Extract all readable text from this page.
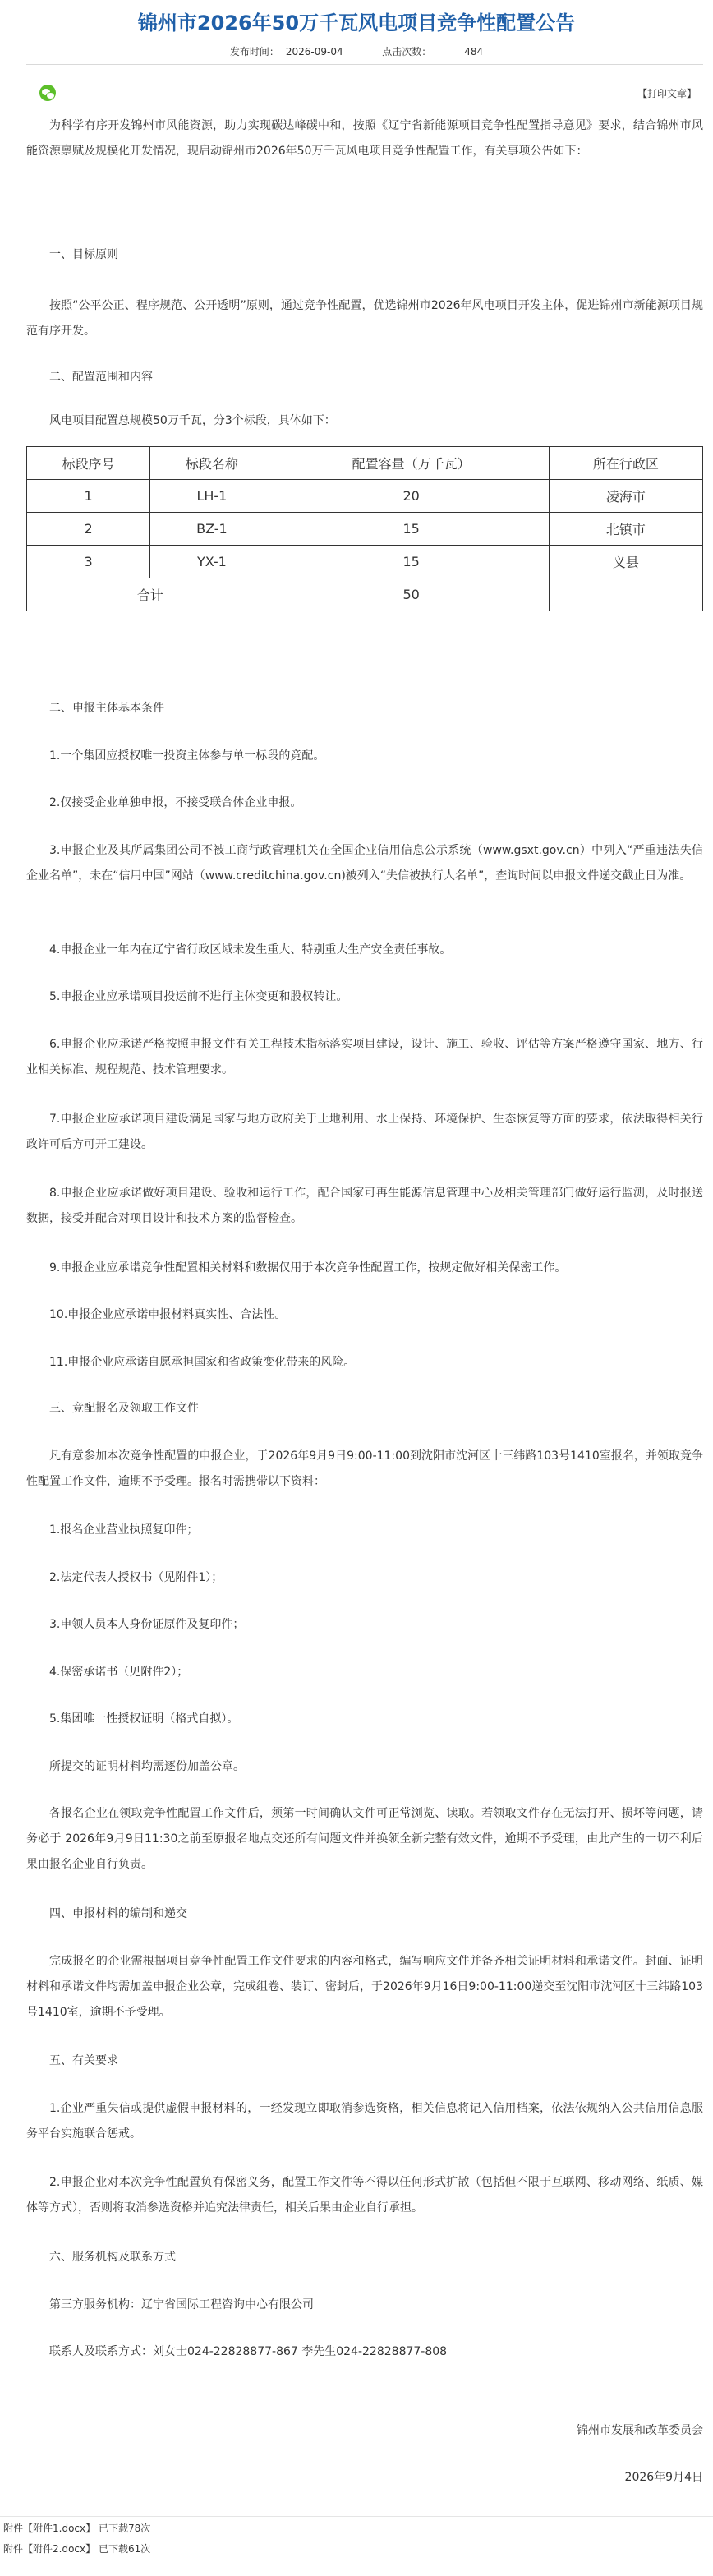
锦州市2026年50万千瓦风电项目竞争性配置公告
发布时间： 2026-09-04	点击次数：	484
【打印文章】

为科学有序开发锦州市风能资源，助力实现碳达峰碳中和，按照《辽宁省新能源项目竞争性配置指导意见》要求，结合锦州市风能资源禀赋及规模化开发情况，现启动锦州市2026年50万千瓦风电项目竞争性配置工作，有关事项公告如下：

一、目标原则

按照“公平公正、程序规范、公开透明”原则，通过竞争性配置，优选锦州市2026年风电项目开发主体，促进锦州市新能源项目规范有序开发。

二、配置范围和内容

风电项目配置总规模50万千瓦，分3个标段，具体如下：

标段序号	标段名称	配置容量（万千瓦）	所在行政区
1	LH-1	20	凌海市
2	BZ-1	15	北镇市
3	YX-1	15	义县
合计		50	

二、申报主体基本条件

1.一个集团应授权唯一投资主体参与单一标段的竞配。

2.仅接受企业单独申报，不接受联合体企业申报。

3.申报企业及其所属集团公司不被工商行政管理机关在全国企业信用信息公示系统（www.gsxt.gov.cn）中列入“严重违法失信企业名单”，未在“信用中国”网站（www.creditchina.gov.cn)被列入“失信被执行人名单”，查询时间以申报文件递交截止日为准。

4.申报企业一年内在辽宁省行政区域未发生重大、特别重大生产安全责任事故。

5.申报企业应承诺项目投运前不进行主体变更和股权转让。

6.申报企业应承诺严格按照申报文件有关工程技术指标落实项目建设，设计、施工、验收、评估等方案严格遵守国家、地方、行业相关标准、规程规范、技术管理要求。

7.申报企业应承诺项目建设满足国家与地方政府关于土地利用、水土保持、环境保护、生态恢复等方面的要求，依法取得相关行政许可后方可开工建设。

8.申报企业应承诺做好项目建设、验收和运行工作，配合国家可再生能源信息管理中心及相关管理部门做好运行监测，及时报送数据，接受并配合对项目设计和技术方案的监督检查。

9.申报企业应承诺竞争性配置相关材料和数据仅用于本次竞争性配置工作，按规定做好相关保密工作。

10.申报企业应承诺申报材料真实性、合法性。

11.申报企业应承诺自愿承担国家和省政策变化带来的风险。

三、竞配报名及领取工作文件

凡有意参加本次竞争性配置的申报企业，于2026年9月9日9:00-11:00到沈阳市沈河区十三纬路103号1410室报名，并领取竞争性配置工作文件，逾期不予受理。报名时需携带以下资料：

1.报名企业营业执照复印件；

2.法定代表人授权书（见附件1）；

3.申领人员本人身份证原件及复印件；

4.保密承诺书（见附件2）；

5.集团唯一性授权证明（格式自拟）。

所提交的证明材料均需逐份加盖公章。

各报名企业在领取竞争性配置工作文件后，须第一时间确认文件可正常浏览、读取。若领取文件存在无法打开、损坏等问题，请务必于 2026年9月9日11:30之前至原报名地点交还所有问题文件并换领全新完整有效文件，逾期不予受理，由此产生的一切不利后果由报名企业自行负责。

四、申报材料的编制和递交

完成报名的企业需根据项目竞争性配置工作文件要求的内容和格式，编写响应文件并备齐相关证明材料和承诺文件。封面、证明材料和承诺文件均需加盖申报企业公章，完成组卷、装订、密封后，于2026年9月16日9:00-11:00递交至沈阳市沈河区十三纬路103号1410室，逾期不予受理。

五、有关要求

1.企业严重失信或提供虚假申报材料的，一经发现立即取消参选资格，相关信息将记入信用档案，依法依规纳入公共信用信息服务平台实施联合惩戒。

2.申报企业对本次竞争性配置负有保密义务，配置工作文件等不得以任何形式扩散（包括但不限于互联网、移动网络、纸质、媒体等方式），否则将取消参选资格并追究法律责任，相关后果由企业自行承担。

六、服务机构及联系方式

第三方服务机构：辽宁省国际工程咨询中心有限公司

联系人及联系方式：刘女士024-22828877-867 李先生024-22828877-808

锦州市发展和改革委员会
2026年9月4日
附件【附件1.docx】 已下载78次
附件【附件2.docx】 已下载61次
